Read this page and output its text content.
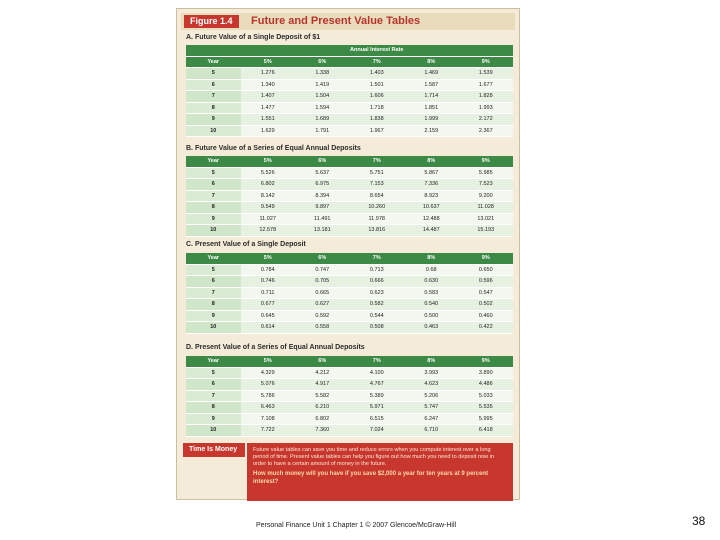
Figure 1.4	Future and Present Value Tables
A. Future Value of a Single Deposit of $1
	Annual Interest Rate				
Year	5%	6%	7%	8%	9%
5	1.276	1.338	1.403	1.469	1.539
6	1.340	1.419	1.501	1.587	1.677
7	1.407	1.504	1.606	1.714	1.828
8	1.477	1.594	1.718	1.851	1.993
9	1.551	1.689	1.838	1.999	2.172
10	1.629	1.791	1.967	2.159	2.367
B. Future Value of a Series of Equal Annual Deposits
Year	5%	6%	7%	8%	9%
5	5.526	5.637	5.751	5.867	5.985
6	6.802	6.975	7.153	7.336	7.523
7	8.142	8.394	8.654	8.923	9.200
8	9.549	9.897	10.260	10.637	11.028
9	11.027	11.491	11.978	12.488	13.021
10	12.578	13.181	13.816	14.487	15.193
C. Present Value of a Single Deposit
Year	5%	6%	7%	8%	9%
5	0.784	0.747	0.713	0.68	0.650
6	0.746	0.705	0.666	0.630	0.596
7	0.711	0.665	0.623	0.583	0.547
8	0.677	0.627	0.582	0.540	0.502
9	0.645	0.592	0.544	0.500	0.460
10	0.614	0.558	0.508	0.463	0.422
D. Present Value of a Series of Equal Annual Deposits
Year	5%	6%	7%	8%	9%
5	4.329	4.212	4.100	3.993	3.890
6	5.076	4.917	4.767	4.623	4.486
7	5.786	5.582	5.389	5.206	5.033
8	6.463	6.210	5.971	5.747	5.535
9	7.108	6.802	6.515	6.247	5.995
10	7.722	7.360	7.024	6.710	6.418
Time Is Money	Future value tables can save you time and reduce errors when you compute interest over a long period of time. Present value tables can help you figure out how much you need to deposit now in order to have a certain amount of money in the future.

How much money will you have if you save $2,000 a year for ten years at 9 percent interest?

Personal Finance Unit 1 Chapter 1 © 2007 Glencoe/McGraw-Hill	38
